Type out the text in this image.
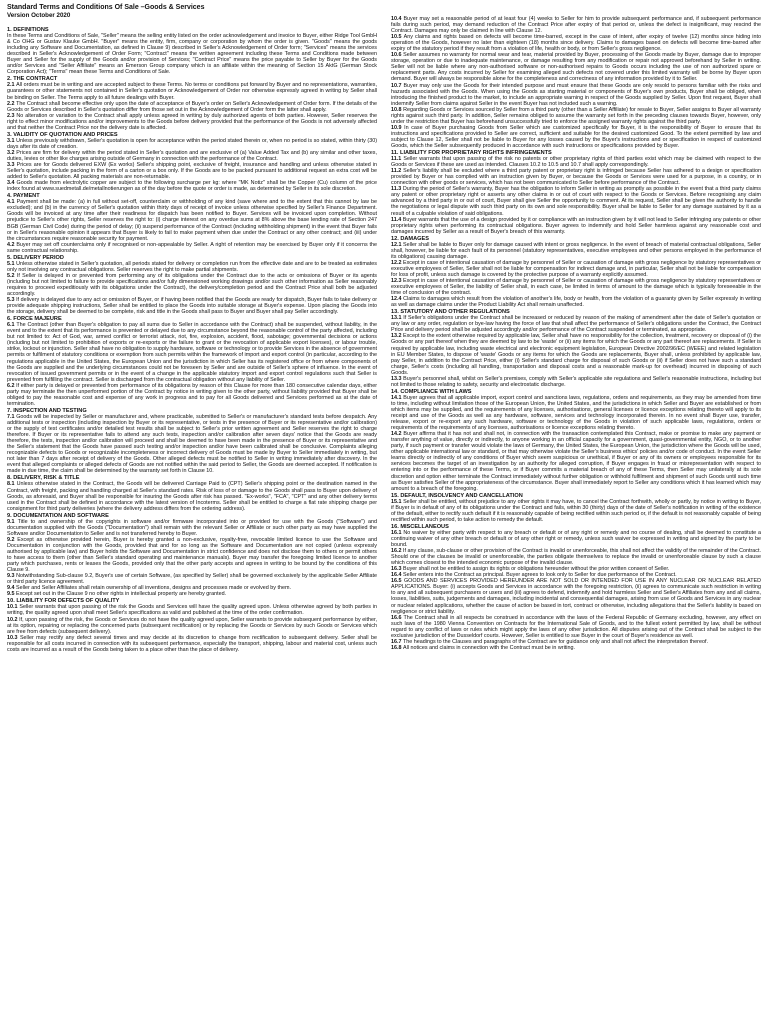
Standard Terms and Conditions Of Sale –Goods & Services

Version October 2020

1. DEFINITIONS

In these Terms and Conditions of Sale, "Seller" means the selling entity listed on the order acknowledgement and invoice to Buyer, either Ridge Tool GmbH & Co OHG or Gustav Klauke GmbH. "Buyer" means the entity, firm, company or corporation by whom the order is given. "Goods" means the goods including any Software and Documentation, as defined in Clause 9) described in Seller's Acknowledgement of Order form; "Services" means the services described in Seller's Acknowledgement of Order Form; "Contract" means the written agreement including these Terms and Conditions made between Buyer and Seller for the supply of the Goods and/or provision of Services; "Contract Price" means the price payable to Seller by Buyer for the Goods and/or Services and "Seller Affiliate" means an Emerson Group company which is an affiliate within the meaning of Section 15 AktG (German Stock Corporation Act); "Terms" mean these Terms and Conditions of Sale.

2. THE CONTRACT

2.1 All orders must be in writing and are accepted subject to these Terms. No terms or conditions put forward by Buyer and no representations, warranties, guarantees or other statements not contained in Seller's quotation or Acknowledgement of Order nor otherwise expressly agreed in writing by Seller shall be binding on Seller. The Terms apply to all future dealings with Buyer.

2.2 The Contract shall become effective only upon the date of acceptance of Buyer's order on Seller's Acknowledgement of Order form. If the details of the Goods or Services described in Seller's quotation differ from those set out in the Acknowledgement of Order form the latter shall apply.

2.3 No alteration or variation to the Contract shall apply unless agreed in writing by duly authorized agents of both parties. However, Seller reserves the right to effect minor modifications and/or improvements to the Goods before delivery provided that the performance of the Goods is not adversely affected and that neither the Contract Price nor the delivery date is affected.

3. VALIDITY OF QUOTATION AND PRICES

3.1 Unless previously withdrawn, Seller's quotation is open for acceptance within the period stated therein or, when no period is so stated, within thirty (30) days after its date of creation.

3.2 Prices are firm for delivery within the period stated in Seller's quotation and are exclusive of (a) Value Added Tax and (b) any similar and other taxes, duties, levies or other like charges arising outside of Germany in connection with the performance of the Contract.

3.3 Prices are for Goods delivered EXW (Ex works) Seller's shipping point, exclusive of freight, insurance and handling and unless otherwise stated in Seller's quotation, include packing in the form of a carton or a box only. If the Goods are to be packed pursuant to additional request an extra cost will be added to Seller's quotation. All packing materials are non-returnable.

3.4 Goods made from electrolytic copper are subject to the following surcharge per kg: where "MK Notiz" shall be the Copper (Cu) column of the price index found at www.suedmetall.de/metallnotierungen as of the day before the quote or order is made, as determined by Seller in its sole discretion.

4. PAYMENT

4.1 Payment shall be made: (a) in full without set-off, counterclaim or withholding of any kind (save where and to the extent that this cannot by law be excluded); and (b) in the currency of Seller's quotation within thirty days of receipt of invoice unless otherwise specified by Seller's Finance Department. Goods will be invoiced at any time after their readiness for dispatch has been notified to Buyer. Services will be invoiced upon completion. Without prejudice to Seller's other rights, Seller reserves the right to: (i) charge interest on any overdue sums at 8% above the base lending rate of Section 247 BGB (German Civil Code) during the period of delay; (ii) suspend performance of the Contract (including withholding shipment) in the event that Buyer fails or in Seller's reasonable opinion it appears that Buyer is likely to fail to make payment when due under the Contract or any other contract; and (iii) under the circumstances require reasonable security for payment.

4.2 Buyer may set off counterclaims only if recognised or non-appealable by Seller. A right of retention may be exercised by Buyer only if it concerns the same contractual relationship.

5. DELIVERY PERIOD

5.1 Unless otherwise stated in Seller's quotation, all periods stated for delivery or completion run from the effective date and are to be treated as estimates only not involving any contractual obligations. Seller reserves the right to make partial shipments.

5.2 If Seller is delayed in or prevented from performing any of its obligations under the Contract due to the acts or omissions of Buyer or its agents (including but not limited to failure to provide specifications and/or fully dimensioned working drawings and/or such other information as Seller reasonably requires to proceed expeditiously with its obligations under the Contract), the delivery/completion period and the Contract Price shall both be adjusted accordingly.

5.3 If delivery is delayed due to any act or omission of Buyer, or if having been notified that the Goods are ready for dispatch, Buyer fails to take delivery or provide adequate shipping instructions, Seller shall be entitled to place the Goods into suitable storage at Buyer's expense. Upon placing the Goods into the storage, delivery shall be deemed to be complete, risk and title in the Goods shall pass to Buyer and Buyer shall pay Seller accordingly.

6. FORCE MAJEURE

6.1 The Contract (other than Buyer's obligation to pay all sums due to Seller in accordance with the Contract) shall be suspended, without liability, in the event and to the extent that its performance is prevented or delayed due to any circumstance beyond the reasonable control of the party affected, including but not limited to: Act of God, war, armed conflict or terrorist attack, riot, fire, explosion, accident, flood, sabotage; governmental decisions or actions (including but not limited to prohibition of exports or re-exports or the failure to grant or the revocation of applicable export licenses), or labour trouble, strike, lockout or injunction. Seller shall have no obligation to supply hardware, software or technology or to provide Services in the absence of government permits or fulfilment of statutory conditions or exemption from such permits within the framework of import and export control (in particular, according to the regulations applicable in the United States, the European Union and the jurisdiction in which Seller has its registered office or from where components of the Goods are supplied and the underlying circumstances could not be foreseen by Seller and are outside of Seller's sphere of influence. In the event of revocation of issued government permits or in the event of a change in the applicable statutory import and export control regulations such that Seller is prevented from fulfilling the contract. Seller is discharged from the contractual obligation without any liability of Seller.

6.2 If either party is delayed or prevented from performance of its obligations by reason of this Clause for more than 180 consecutive calendar days, either party may terminate the then unperformed portion of the Contract by notice in writing given to the other party, without liability provided that Buyer shall be obliged to pay the reasonable cost and expense of any work in progress and to pay for all Goods delivered and Services performed as at the date of termination.

7. INSPECTION AND TESTING

7.1 Goods will be inspected by Seller or manufacturer and, where practicable, submitted to Seller's or manufacturer's standard tests before despatch. Any additional tests or inspection (including inspection by Buyer or its representative, or tests in the presence of Buyer or its representative and/or calibration) or the supply of test certificates and/or detailed test results shall be subject to Seller's prior written agreement and Seller reserves the right to charge therefore. If Buyer or its representative fails to attend any such tests, inspection and/or calibration after seven days' notice that the Goods are ready therefore, the tests, inspection and/or calibration will proceed and shall be deemed to have been made in the presence of Buyer or its representative and the Seller's statement that the Goods have passed such testing and/or inspection and/or have been calibrated shall be conclusive. Complaints alleging recognizable defects to Goods or recognizable incompleteness or incorrect delivery of Goods must be made by Buyer to Seller immediately in writing, but not later than 7 days after receipt of delivery of the Goods. Other alleged defects must be notified to Seller in writing immediately after discovery. In the event that alleged complaints or alleged defects of Goods are not notified within the said period to Seller, the Goods are deemed accepted. If notification is made in due time, the claim shall be determined by the warranty set forth in Clause 10.

8. DELIVERY, RISK & TITLE

8.1 Unless otherwise stated in the Contract, the Goods will be delivered Carriage Paid to (CPT) Seller's shipping point or the destination named in the Contract, with freight, packing and handling charged at Seller's standard rates. Risk of loss of or damage to the Goods shall pass to Buyer upon delivery of Goods, as aforesaid, and Buyer shall be responsible for insuring the Goods after risk has passed. "Ex-works", "FCA", "CPT" and any other delivery terms used in the Contract shall be defined in accordance with the latest version of Incoterms. Seller shall be entitled to charge a flat rate shipping charge per consignment for third party deliveries (where the delivery address differs from the ordering address).

9. DOCUMENTATION AND SOFTWARE

9.1 Title to and ownership of the copyrights in software and/or firmware incorporated into or provided for use with the Goods ("Software") and documentation supplied with the Goods ("Documentation") shall remain with the relevant Seller or Affiliate or such other party as may have supplied the Software and/or Documentation to Seller and is not transferred hereby to Buyer.

9.2 Except as otherwise provided herein, Buyer is hereby granted a non-exclusive, royalty-free, revocable limited licence to use the Software and Documentation in conjunction with the Goods, provided that and for so long as the Software and Documentation are not copied (unless expressly authorised by applicable law) and Buyer holds the Software and Documentation in strict confidence and does not disclose them to others or permit others to have access to them (other than Seller's standard operating and maintenance manuals). Buyer may transfer the foregoing limited licence to another party which purchases, rents or leases the Goods, provided only that the other party accepts and agrees in writing to be bound by the conditions of this Clause 9.

9.3 Notwithstanding Sub-clause 9.2, Buyer's use of certain Software, (as specified by Seller) shall be governed exclusively by the applicable Seller Affiliate or third party licence agreement.

9.4 Seller and Seller Affiliates shall retain ownership of all inventions, designs and processes made or evolved by them.

9.5 Except set out in the Clause 9 no other rights in intellectual property are hereby granted.

10. LIABILITY FOR DEFECTS OF QUALITY

10.1 Seller warrants that upon passing of the risk the Goods and Services will have the quality agreed upon. Unless otherwise agreed by both parties in writing, the quality agreed upon shall meet Seller's specifications as valid and published at the time of the order confirmation.

10.2 If, upon passing of the risk, the Goods or Services do not have the quality agreed upon, Seller warrants to provide subsequent performance by either, at its option, repairing or replacing the concerned parts (subsequent rectification) or by replacing the Goods or Services by such Goods or Services which are free from defects (subsequent delivery).

10.3 Seller may rectify any defect several times and may decide at its discretion to change from rectification to subsequent delivery. Seller shall be responsible for all costs incurred in connection with its subsequent performance, especially the transport, shipping, labour and material cost, unless such costs are incurred as a result of the Goods being taken to a place other than the place of delivery.

10.4 Buyer may set a reasonable period of at least four (4) weeks to Seller for him to provide subsequent performance and, if subsequent performance fails during such period, may demand reduction of the Contract Price after expiry of that period or, unless the defect is insignificant, may rescind the Contract. Damages may only be claimed in line with Clause 12.

10.5 Any claims and rights based on defects will become time-barred, except in the case of intent, after expiry of twelve (12) months since hiding into operation of the Goods, however no later than eighteen (18) months since delivery. Claims to damages based on defects will become time-barred after expiry of the statutory period if they result from a violation of life, health or body, or from Seller's gross negligence.

10.6 Seller assumes no warranty for normal wear and tear, material provided by Buyer, processing of the Goods made by Buyer, damage due to improper storage, operation or due to inadequate maintenance, or damage resulting from any modification or repair not approved beforehand by Seller in writing. Seller will not be liable where any non-authorised software or non-authorised repairs to Goods occurs including the use of non authorized spare or replacement parts. Any costs incurred by Seller for examining alleged such defects not covered under this limited warranty will be borne by Buyer upon demand. Buyer will always be responsible alone for the completeness and correctness of any information provided by it to Seller.

10.7 Buyer may only use the Goods for their intended purpose and must ensure that these Goods are only resold to persons familiar with the risks and hazards associated with the Goods. When using the Goods as starting material or components of Buyer's own products, Buyer shall be obliged, when introducing the finished product to the market, to include an appropriate warning in respect of the Goods supplied by Seller. Upon first request, Buyer shall indemnify Seller from claims against Seller in the event Buyer has not included such a warning.

10.8 Regarding Goods or Services sourced by Seller from a third party (other than a Seller Affiliate) for resale to Buyer, Seller assigns to Buyer all warranty rights against such third party. In addition, Seller remains obliged to assume the warranty set forth in the preceding clauses towards Buyer, however, only under the restriction that Buyer has beforehand unsuccessfully tried to enforce the assigned warranty rights against the third party.

10.9 In case of Buyer purchasing Goods from Seller which are customized specifically for Buyer, it is the responsibility of Buyer to ensure that its instructions and specifications provided to Seller are correct, sufficient and suitable for the desired customized Good. To the extent permitted by law and subject to Clause 12, Seller shall not be liable to Buyer for any losses caused by the Buyer's instructions and or specification in respect of customized Goods, which the Seller subsequently produced in accordance with such instructions or specifications provided by Buyer.

11. LIABILITY FOR PROPRIETARY RIGHTS INFRINGEMENTS

11.1 Seller warrants that upon passing of the risk no patents or other proprietary rights of third parties exist which may be claimed with respect to the Goods or Services if these are used as intended. Clauses 10.2 to 10.5 and 10.7 shall apply correspondingly.

11.2 Seller's liability shall be excluded where a third party patent or proprietary right is infringed because Seller has adhered to a design or specification provided by Buyer or has complied with an instruction given by Buyer, or because the Goods or Services were used for a purpose, in a country, or in connection with other goods or services, which has not been communicated to Seller before performance of the Contract.

11.3 During the period of Seller's warranty, Buyer has the obligation to inform Seller in writing as promptly as possible in the event that a third party claims any patent or other proprietary right or asserts any other claims in or out of court with respect to the Goods or Services. Before recognising any claim advanced by a third party in or out of court, Buyer shall give Seller the opportunity to comment. At its request, Seller shall be given the authority to handle the negotiations or legal dispute with such third party on its own and sole responsibility. Buyer shall be liable to Seller for any damage sustained by it as a result of a culpable violation of said obligations.

11.4 Buyer warrants that the use of a design provided by it or compliance with an instruction given by it will not lead to Seller infringing any patents or other proprietary rights when performing its contractual obligations. Buyer agrees to indemnify and hold Seller harmless against any reasonable cost and damages incurred by Seller as a result of Buyer's breach of this warranty.

12. DAMAGES

12.1 Seller shall be liable to Buyer only for damage caused with intent or gross negligence. In the event of breach of material contractual obligations, Seller shall, however, be liable for each fault of its personnel (statutory representatives, executive employees and other persons employed in the performance of its obligations) causing damage.

12.2 Except in case of intentional causation of damage by personnel of Seller or causation of damage with gross negligence by statutory representatives or executive employees of Seller, Seller shall not be liable for compensation for indirect damage and, in particular, Seller shall not be liable for compensation for loss of profit, unless such damage is covered by the protective purpose of a warranty explicitly assumed.

12.3 Except in case of intentional causation of damage by personnel of Seller or causation of damage with gross negligence by statutory representatives or executive employees of Seller, the liability of Seller shall, in each case, be limited in terms of amount to the damage which is typically foreseeable in the time of conclusion of the contract.

12.4 Claims to damages which result from the violation of another's life, body or health, from the violation of a guaranty given by Seller expressly in writing as well as damage claims under the Product Liability Act shall remain unaffected.

13. STATUTORY AND OTHER REGULATIONS

13.1 If Seller's obligations under the Contract shall be increased or reduced by reason of the making of amendment after the date of Seller's quotation or any law or any order, regulation or bye-law having the force of law that shall affect the performance of Seller's obligations under the Contract, the Contract Price and delivery period shall be adjusted accordingly and/or performance of the Contract suspended or terminated, as appropriate.

13.2 Except to the extent otherwise required by applicable law, Seller shall have no responsibility for the collection, treatment, recovery or disposal of (i) the Goods or any part thereof when they are deemed by law to be 'waste' or (ii) any items for which the Goods or any part thereof are replacements. If Seller is required by applicable law, including waste electrical and electronic equipment legislation, European Directive 2002/96/EC (WEEE) and related legislation in EU Member States, to dispose of 'waste' Goods or any items for which the Goods are replacements, Buyer shall, unless prohibited by applicable law, pay Seller, in addition to the Contract Price, either (i) Seller's standard charge for disposal of such Goods or (ii) if Seller does not have such a standard charge, Seller's costs (including all handling, transportation and disposal costs and a reasonable mark-up for overhead) incurred in disposing of such Goods.

13.3 Buyer's personnel shall, whilst on Seller's premises, comply with Seller's applicable site regulations and Seller's reasonable instructions, including but not limited to those relating to safety, security and electrostatic discharge.

14. COMPLIANCE WITH LAWS

14.1 Buyer agrees that all applicable import, export control and sanctions laws, regulations, orders and requirements, as they may be amended from time to time, including without limitation those of the European Union, the United States, and the jurisdictions in which Seller and Buyer are established or from which items may be supplied, and the requirements of any licenses, authorisations, general licenses or licence exceptions relating thereto will apply to its receipt and use of the Goods as well as any hardware, software, services and technology incorporated therein. In no event shall Buyer use, transfer, release, export or re-export any such hardware, software or technology of the Goods in violation of such applicable laws, regulations, orders or requirements of the requirements of any licenses, authorisations or licence exceptions relating thereto.

14.2 Buyer affirms that it has not and shall not, in connection with the transaction contemplated this Contract, make or promise to make any payment or transfer anything of value, directly or indirectly, to anyone working in an official capacity for a government, quasi-governmental entity, NGO, or to another party, if such payment or transfer would violate the laws of Germany, the United States, the European Union, the jurisdiction where the Goods will be used, other applicable international law or standard, or that may otherwise violate the Seller's business ethics' policies and/or code of conduct. In the event Seller learns directly or indirectly of any conditions of Buyer which seem suspicious or unethical, if Buyer or any of its owners or employees responsible for its services becomes the target of an investigation by an authority for alleged corruption, if Buyer engages in fraud or misrepresentation with respect to entering into or the performance of these Terms, or if Buyer commits a material breach of any of these Terms, then Seller may unilaterally at its sole discretion and option either terminate the Contract immediately without further obligation or withhold fulfilment and shipment of such Goods until such time as Buyer satisfies Seller of the appropriateness of the circumstance. Buyer shall immediately report to Seller any conditions which it has learned which may amount to a breach of the foregoing.

15. DEFAULT, INSOLVENCY AND CANCELLATION

15.1 Seller shall be entitled, without prejudice to any other rights it may have, to cancel the Contract forthwith, wholly or partly, by notice in writing to Buyer, if Buyer is in default of any of its obligations under the Contract and fails, within 30 (thirty) days of the date of Seller's notification in writing of the existence of the default, either to rectify such default if it is reasonably capable of being rectified within such period or, if the default is not reasonably capable of being rectified within such period, to take action to remedy the default.

16. MISCELLANEOUS

16.1 No waiver by either party with respect to any breach or default or of any right or remedy and no course of dealing, shall be deemed to constitute a continuing waiver of any other breach or default or of any other right or remedy, unless such waiver be expressed in writing and signed by the party to be bound.

16.2 If any clause, sub-clause or other provision of the Contract is invalid or unenforceable, this shall not affect the validity of the remainder of the Contract. Should one of the clauses be invalid or unenforceable, the parties obligate themselves to replace the invalid or unenforceable clause by such a clause which comes closest to the intended economic purpose of the invalid clause.

16.3 Buyer shall not be entitled to assign its rights or obligations hereunder without the prior written consent of Seller.

16.4 Seller enters into the Contract as principal. Buyer agrees to look only to Seller for due performance of the Contract.

16.5 GOODS AND SERVICES PROVIDED HEREUNDER ARE NOT SOLD OR INTENDED FOR USE IN ANY NUCLEAR OR NUCLEAR RELATED APPLICATIONS. Buyer: (i) accepts Goods and Services in accordance with the foregoing restriction, (ii) agrees to communicate such restriction in writing to any and all subsequent purchasers or users and (iii) agrees to defend, indemnify and hold harmless Seller and Seller's Affiliates from any and all claims, losses, liabilities, suits, judgements and damages, including incidental and consequential damages, arising from use of Goods and Services in any nuclear or nuclear related applications, whether the cause of action be based in tort, contract or otherwise, including allegations that the Seller's liability is based on negligence or strict liability.

16.6 The Contract shall in all respects be construed in accordance with the laws of the Federal Republic of Germany excluding, however, any effect on such laws of the 1980 Vienna Convention on Contracts for the International Sale of Goods, and to the fullest extent permitted by law, shall be without regard to any conflict of laws or rules which might apply the laws of any other jurisdiction. All disputes arising out of the Contract shall be subject to the exclusive jurisdiction of the Dusseldorf courts. However, Seller is entitled to sue Buyer in the court of Buyer's residence as well.

16.7 The headings to the Clauses and paragraphs of the Contract are for guidance only and shall not affect the interpretation thereof.

16.8 All notices and claims in connection with the Contract must be in writing.
